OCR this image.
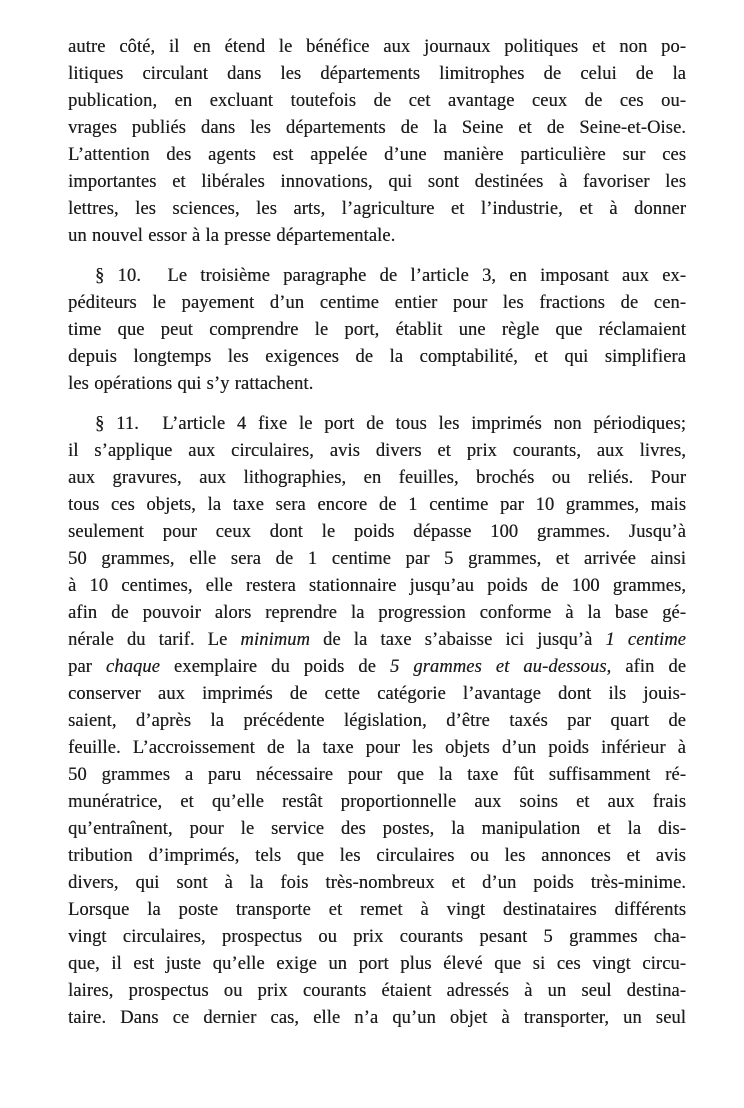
autre côté, il en étend le bénéfice aux journaux politiques et non po-
litiques circulant dans les départements limitrophes de celui de la
publication, en excluant toutefois de cet avantage ceux de ces ou-
vrages publiés dans les départements de la Seine et de Seine-et-Oise.
L’attention des agents est appelée d’une manière particulière sur ces
importantes et libérales innovations, qui sont destinées à favoriser les
lettres, les sciences, les arts, l’agriculture et l’industrie, et à donner
un nouvel essor à la presse départementale.
§ 10.  Le troisième paragraphe de l’article 3, en imposant aux ex-
péditeurs le payement d’un centime entier pour les fractions de cen-
time que peut comprendre le port, établit une règle que réclamaient
depuis longtemps les exigences de la comptabilité, et qui simplifiera
les opérations qui s’y rattachent.
§ 11.  L’article 4 fixe le port de tous les imprimés non périodiques;
il s’applique aux circulaires, avis divers et prix courants, aux livres,
aux gravures, aux lithographies, en feuilles, brochés ou reliés. Pour
tous ces objets, la taxe sera encore de 1 centime par 10 grammes, mais
seulement pour ceux dont le poids dépasse 100 grammes. Jusqu’à
50 grammes, elle sera de 1 centime par 5 grammes, et arrivée ainsi
à 10 centimes, elle restera stationnaire jusqu’au poids de 100 grammes,
afin de pouvoir alors reprendre la progression conforme à la base gé-
nérale du tarif. Le minimum de la taxe s’abaisse ici jusqu’à 1 centime
par chaque exemplaire du poids de 5 grammes et au-dessous, afin de
conserver aux imprimés de cette catégorie l’avantage dont ils jouis-
saient, d’après la précédente législation, d’être taxés par quart de
feuille. L’accroissement de la taxe pour les objets d’un poids inférieur à
50 grammes a paru nécessaire pour que la taxe fût suffisamment ré-
munératrice, et qu’elle restât proportionnelle aux soins et aux frais
qu’entraînent, pour le service des postes, la manipulation et la dis-
tribution d’imprimés, tels que les circulaires ou les annonces et avis
divers, qui sont à la fois très-nombreux et d’un poids très-minime.
Lorsque la poste transporte et remet à vingt destinataires différents
vingt circulaires, prospectus ou prix courants pesant 5 grammes cha-
que, il est juste qu’elle exige un port plus élevé que si ces vingt circu-
laires, prospectus ou prix courants étaient adressés à un seul destina-
taire. Dans ce dernier cas, elle n’a qu’un objet à transporter, un seul
